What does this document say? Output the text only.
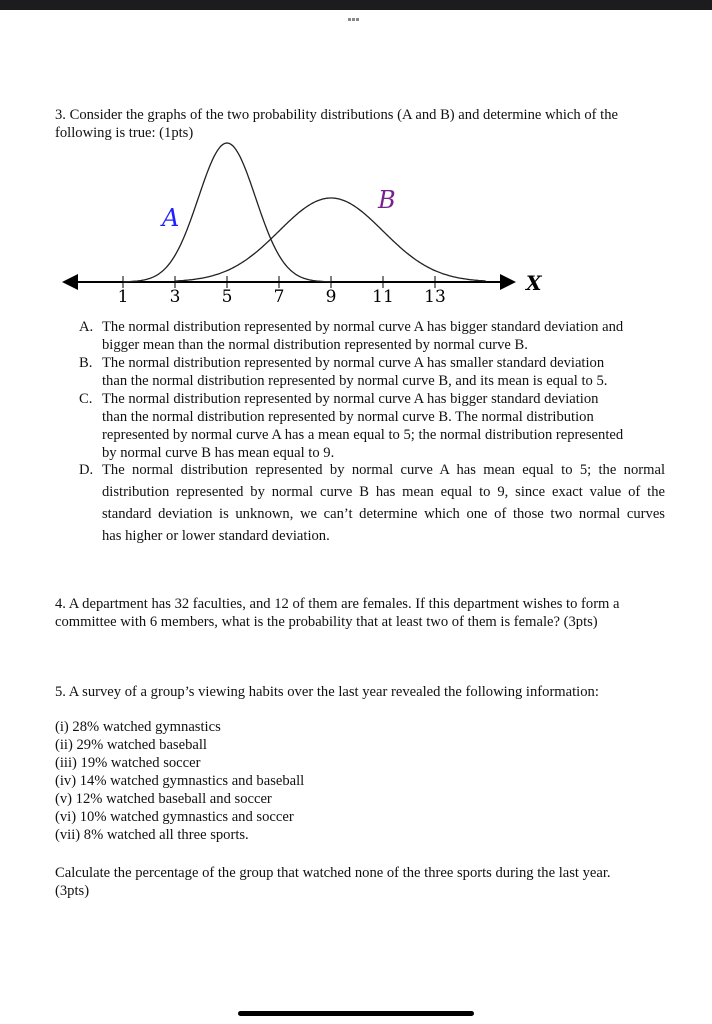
3. Consider the graphs of the two probability distributions (A and B) and determine which of the
following is true: (1pts)
1 3 5 7 9 11 13
A
B
X
A. The normal distribution represented by normal curve A has bigger standard deviation and
bigger mean than the normal distribution represented by normal curve B.
B. The normal distribution represented by normal curve A has smaller standard deviation
than the normal distribution represented by normal curve B, and its mean is equal to 5.
C. The normal distribution represented by normal curve A has bigger standard deviation
than the normal distribution represented by normal curve B. The normal distribution
represented by normal curve A has a mean equal to 5; the normal distribution represented
by normal curve B has mean equal to 9.
D. The normal distribution represented by normal curve A has mean equal to 5; the normal
distribution represented by normal curve B has mean equal to 9, since exact value of the
standard deviation is unknown, we can’t determine which one of those two normal curves
has higher or lower standard deviation.
4. A department has 32 faculties, and 12 of them are females. If this department wishes to form a
committee with 6 members, what is the probability that at least two of them is female? (3pts)
5. A survey of a group’s viewing habits over the last year revealed the following information:
(i) 28% watched gymnastics
(ii) 29% watched baseball
(iii) 19% watched soccer
(iv) 14% watched gymnastics and baseball
(v) 12% watched baseball and soccer
(vi) 10% watched gymnastics and soccer
(vii) 8% watched all three sports.
Calculate the percentage of the group that watched none of the three sports during the last year.
(3pts)
